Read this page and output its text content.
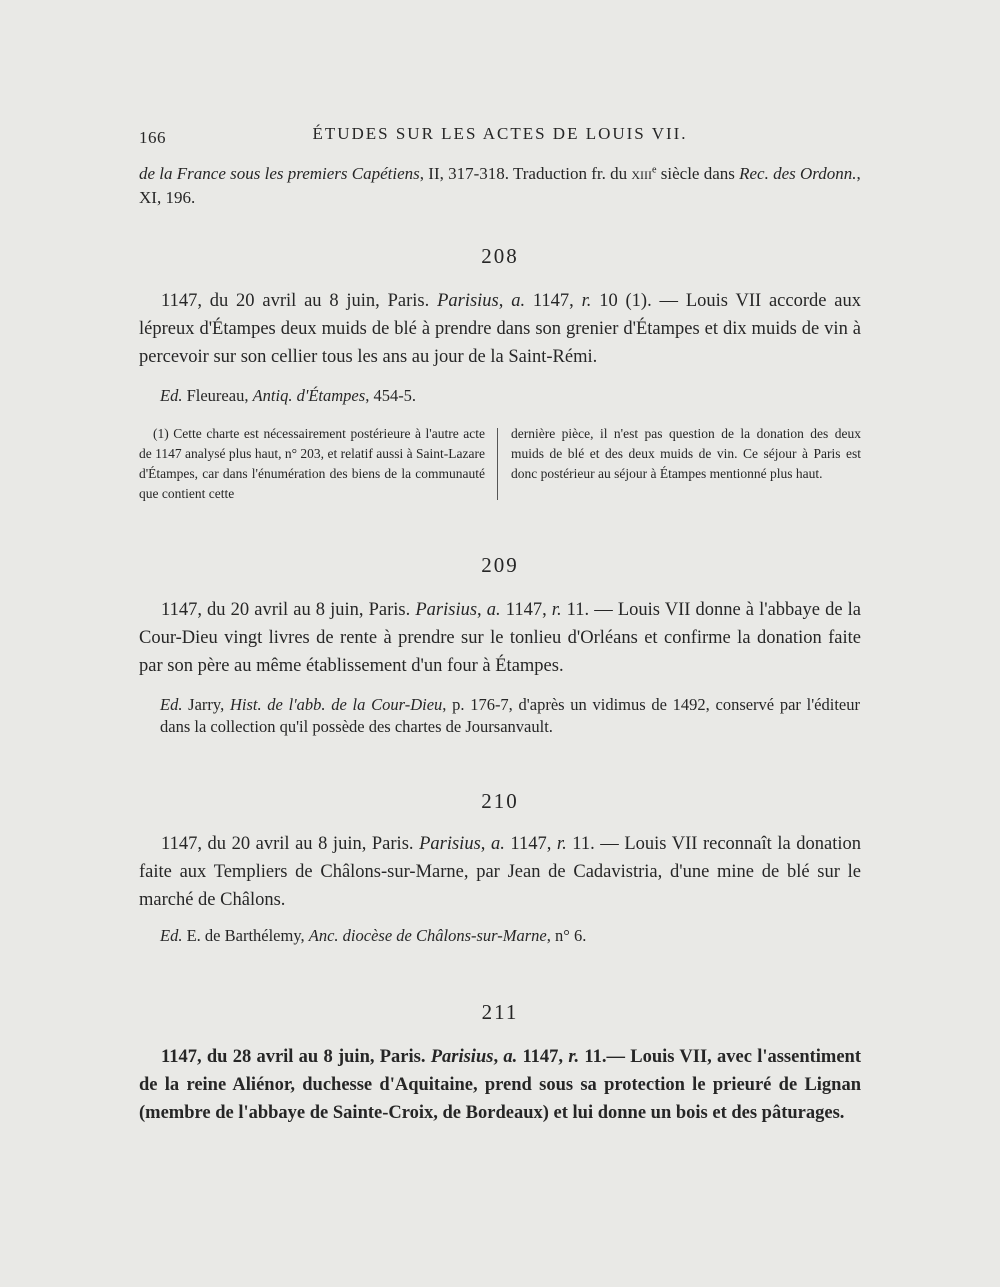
166	ÉTUDES SUR LES ACTES DE LOUIS VII.
de la France sous les premiers Capétiens, II, 317-318. Traduction fr. du xiii$^e$ siècle dans Rec. des Ordonn., XI, 196.
208
1147, du 20 avril au 8 juin, Paris. Parisius, a. 1147, r. 10 (1). — Louis VII accorde aux lépreux d'Étampes deux muids de blé à prendre dans son grenier d'Étampes et dix muids de vin à percevoir sur son cellier tous les ans au jour de la Saint-Rémi.
Ed. Fleureau, Antiq. d'Étampes, 454-5.
(1) Cette charte est nécessairement postérieure à l'autre acte de 1147 analysé plus haut, n° 203, et relatif aussi à Saint-Lazare d'Étampes, car dans l'énumération des biens de la communauté que contient cette
dernière pièce, il n'est pas question de la donation des deux muids de blé et des deux muids de vin. Ce séjour à Paris est donc postérieur au séjour à Étampes mentionné plus haut.
209
1147, du 20 avril au 8 juin, Paris. Parisius, a. 1147, r. 11. — Louis VII donne à l'abbaye de la Cour-Dieu vingt livres de rente à prendre sur le tonlieu d'Orléans et confirme la donation faite par son père au même établissement d'un four à Étampes.
Ed. Jarry, Hist. de l'abb. de la Cour-Dieu, p. 176-7, d'après un vidimus de 1492, conservé par l'éditeur dans la collection qu'il possède des chartes de Joursanvault.
210
1147, du 20 avril au 8 juin, Paris. Parisius, a. 1147, r. 11. — Louis VII reconnaît la donation faite aux Templiers de Châlons-sur-Marne, par Jean de Cadavistria, d'une mine de blé sur le marché de Châlons.
Ed. E. de Barthélemy, Anc. diocèse de Châlons-sur-Marne, n° 6.
211
1147, du 28 avril au 8 juin, Paris. Parisius, a. 1147, r. 11.— Louis VII, avec l'assentiment de la reine Aliénor, duchesse d'Aquitaine, prend sous sa protection le prieuré de Lignan (membre de l'abbaye de Sainte-Croix, de Bordeaux) et lui donne un bois et des pâturages.
